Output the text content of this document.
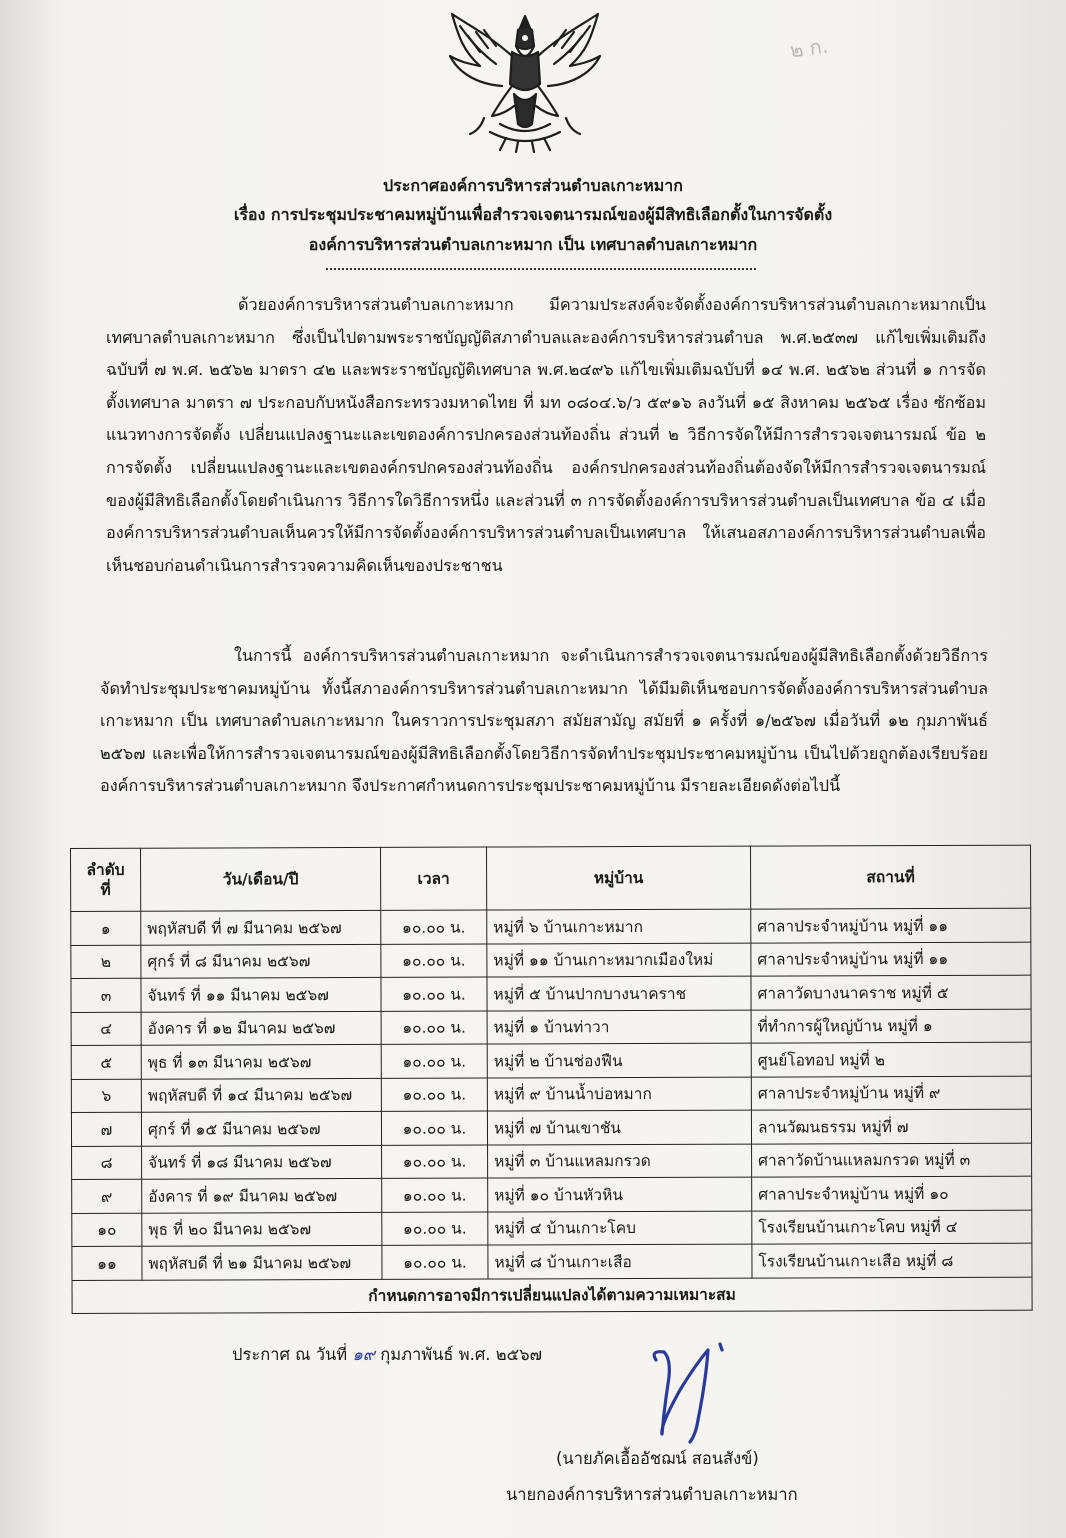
๒ ก.
ประกาศองค์การบริหารส่วนตำบลเกาะหมาก
เรื่อง การประชุมประชาคมหมู่บ้านเพื่อสำรวจเจตนารมณ์ของผู้มีสิทธิเลือกตั้งในการจัดตั้ง
องค์การบริหารส่วนตำบลเกาะหมาก เป็น เทศบาลตำบลเกาะหมาก
ด้วยองค์การบริหารส่วนตำบลเกาะหมาก มีความประสงค์จะจัดตั้งองค์การบริหารส่วนตำบลเกาะหมากเป็นเทศบาลตำบลเกาะหมาก ซึ่งเป็นไปตามพระราชบัญญัติสภาตำบลและองค์การบริหารส่วนตำบล พ.ศ.๒๕๓๗ แก้ไขเพิ่มเติมถึง ฉบับที่ ๗ พ.ศ. ๒๕๖๒ มาตรา ๔๒ และพระราชบัญญัติเทศบาล พ.ศ.๒๔๙๖ แก้ไขเพิ่มเติมฉบับที่ ๑๔ พ.ศ. ๒๕๖๒ ส่วนที่ ๑ การจัดตั้งเทศบาล มาตรา ๗ ประกอบกับหนังสือกระทรวงมหาดไทย ที่ มท ๐๘๐๔.๖/ว ๕๙๑๖ ลงวันที่ ๑๕ สิงหาคม ๒๕๖๕ เรื่อง ซักซ้อมแนวทางการจัดตั้ง เปลี่ยนแปลงฐานะและเขตองค์การปกครองส่วนท้องถิ่น ส่วนที่ ๒ วิธีการจัดให้มีการสำรวจเจตนารมณ์ ข้อ ๒ การจัดตั้ง เปลี่ยนแปลงฐานะและเขตองค์กรปกครองส่วนท้องถิ่น องค์กรปกครองส่วนท้องถิ่นต้องจัดให้มีการสำรวจเจตนารมณ์ของผู้มีสิทธิเลือกตั้งโดยดำเนินการ วิธีการใดวิธีการหนึ่ง และส่วนที่ ๓ การจัดตั้งองค์การบริหารส่วนตำบลเป็นเทศบาล ข้อ ๔ เมื่อองค์การบริหารส่วนตำบลเห็นควรให้มีการจัดตั้งองค์การบริหารส่วนตำบลเป็นเทศบาล ให้เสนอสภาองค์การบริหารส่วนตำบลเพื่อเห็นชอบก่อนดำเนินการสำรวจความคิดเห็นของประชาชน
ในการนี้ องค์การบริหารส่วนตำบลเกาะหมาก จะดำเนินการสำรวจเจตนารมณ์ของผู้มีสิทธิเลือกตั้งด้วยวิธีการจัดทำประชุมประชาคมหมู่บ้าน ทั้งนี้สภาองค์การบริหารส่วนตำบลเกาะหมาก ได้มีมติเห็นชอบการจัดตั้งองค์การบริหารส่วนตำบลเกาะหมาก เป็น เทศบาลตำบลเกาะหมาก ในคราวการประชุมสภา สมัยสามัญ สมัยที่ ๑ ครั้งที่ ๑/๒๕๖๗ เมื่อวันที่ ๑๒ กุมภาพันธ์ ๒๕๖๗ และเพื่อให้การสำรวจเจตนารมณ์ของผู้มีสิทธิเลือกตั้งโดยวิธีการจัดทำประชุมประชาคมหมู่บ้าน เป็นไปด้วยถูกต้องเรียบร้อย องค์การบริหารส่วนตำบลเกาะหมาก จึงประกาศกำหนดการประชุมประชาคมหมู่บ้าน มีรายละเอียดดังต่อไปนี้
ลำดับ
ที่	วัน/เดือน/ปี	เวลา	หมู่บ้าน	สถานที่
๑	พฤหัสบดี ที่ ๗ มีนาคม ๒๕๖๗	๑๐.๐๐ น.	หมู่ที่ ๖ บ้านเกาะหมาก	ศาลาประจำหมู่บ้าน หมู่ที่ ๑๑
๒	ศุกร์ ที่ ๘ มีนาคม ๒๕๖๗	๑๐.๐๐ น.	หมู่ที่ ๑๑ บ้านเกาะหมากเมืองใหม่	ศาลาประจำหมู่บ้าน หมู่ที่ ๑๑
๓	จันทร์ ที่ ๑๑ มีนาคม ๒๕๖๗	๑๐.๐๐ น.	หมู่ที่ ๕ บ้านปากบางนาคราช	ศาลาวัดบางนาคราช หมู่ที่ ๕
๔	อังคาร ที่ ๑๒ มีนาคม ๒๕๖๗	๑๐.๐๐ น.	หมู่ที่ ๑ บ้านท่าวา	ที่ทำการผู้ใหญ่บ้าน หมู่ที่ ๑
๕	พุธ ที่ ๑๓ มีนาคม ๒๕๖๗	๑๐.๐๐ น.	หมู่ที่ ๒ บ้านช่องฟืน	ศูนย์โอทอป หมู่ที่ ๒
๖	พฤหัสบดี ที่ ๑๔ มีนาคม ๒๕๖๗	๑๐.๐๐ น.	หมู่ที่ ๙ บ้านน้ำบ่อหมาก	ศาลาประจำหมู่บ้าน หมู่ที่ ๙
๗	ศุกร์ ที่ ๑๕ มีนาคม ๒๕๖๗	๑๐.๐๐ น.	หมู่ที่ ๗ บ้านเขาชัน	ลานวัฒนธรรม หมู่ที่ ๗
๘	จันทร์ ที่ ๑๘ มีนาคม ๒๕๖๗	๑๐.๐๐ น.	หมู่ที่ ๓ บ้านแหลมกรวด	ศาลาวัดบ้านแหลมกรวด หมู่ที่ ๓
๙	อังคาร ที่ ๑๙ มีนาคม ๒๕๖๗	๑๐.๐๐ น.	หมู่ที่ ๑๐ บ้านหัวหิน	ศาลาประจำหมู่บ้าน หมู่ที่ ๑๐
๑๐	พุธ ที่ ๒๐ มีนาคม ๒๕๖๗	๑๐.๐๐ น.	หมู่ที่ ๔ บ้านเกาะโคบ	โรงเรียนบ้านเกาะโคบ หมู่ที่ ๔
๑๑	พฤหัสบดี ที่ ๒๑ มีนาคม ๒๕๖๗	๑๐.๐๐ น.	หมู่ที่ ๘ บ้านเกาะเสือ	โรงเรียนบ้านเกาะเสือ หมู่ที่ ๘
กำหนดการอาจมีการเปลี่ยนแปลงได้ตามความเหมาะสม				
ประกาศ ณ วันที่ ๑๙ กุมภาพันธ์ พ.ศ. ๒๕๖๗
(นายภัคเอื้ออัชฌน์ สอนสังข์)
นายกองค์การบริหารส่วนตำบลเกาะหมาก
